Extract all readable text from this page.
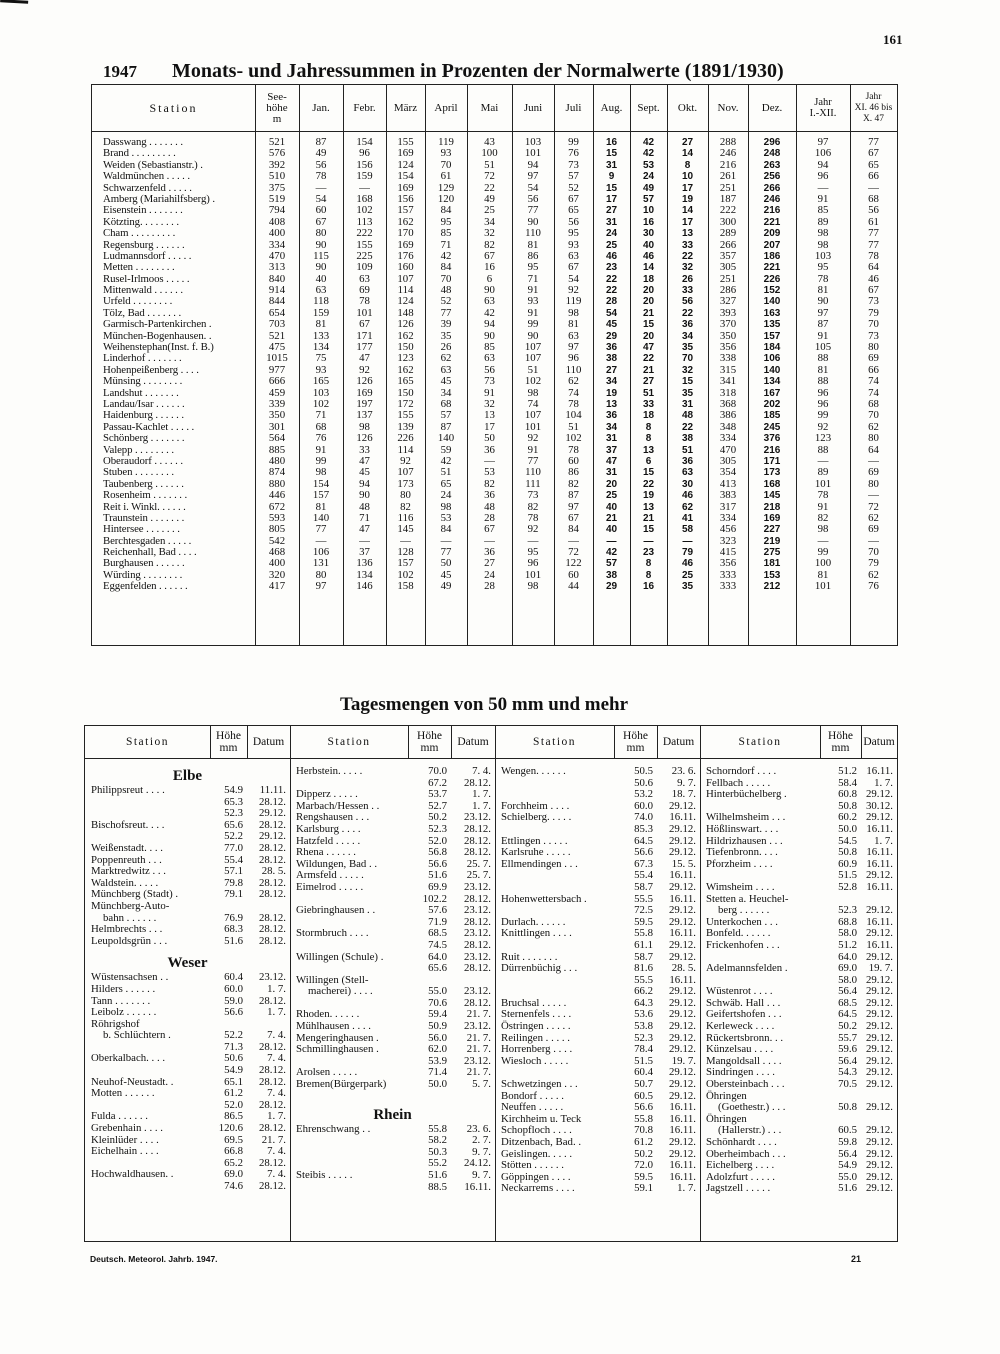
161
1947 Monats- und Jahressummen in Prozenten der Normalwerte (1891/1930)
Station
See-
höhe
m
Jan.	Febr.	März	April	Mai	Juni	Juli	Aug.	Sept.	Okt.	Nov.	Dez.	Jahr
I.-XII.
Jahr
XI. 46 bis
X. 47
Dasswang . . . . . . .	521	87	154	155	119	43	103	99	16	42	27	288	296	97	77
Brand . . . . . . . . .	576	49	96	169	93	100	101	76	15	42	14	246	248	106	67
Weiden (Sebastianstr.) .	392	56	156	124	70	51	94	73	31	53	8	216	263	94	65
Waldmünchen . . . . .	510	78	159	154	61	72	97	57	9	24	10	261	256	96	66
Schwarzenfeld . . . . .	375	—	—	169	129	22	54	52	15	49	17	251	266	—	—
Amberg (Mariahilfsberg) .	519	54	168	156	120	49	56	67	17	57	19	187	246	91	68
Eisenstein . . . . . . .	794	60	102	157	84	25	77	65	27	10	14	222	216	85	56
Kötzting. . . . . . . .	408	67	113	162	95	34	90	56	31	16	17	300	221	89	61
Cham . . . . . . . . .	400	80	222	170	85	32	110	95	24	30	13	289	209	98	77
Regensburg . . . . . .	334	90	155	169	71	82	81	93	25	40	33	266	207	98	77
Ludmannsdorf . . . . .	470	115	225	176	42	67	86	63	46	46	22	357	186	103	78
Metten . . . . . . . .	313	90	109	160	84	16	95	67	23	14	32	305	221	95	64
Rusel-Irlmoos . . . . .	840	40	63	107	70	6	71	54	22	18	26	251	226	78	46
Mittenwald . . . . . .	914	63	69	114	48	90	91	92	22	20	33	286	152	81	67
Urfeld . . . . . . . .	844	118	78	124	52	63	93	119	28	20	56	327	140	90	73
Tölz, Bad . . . . . . .	654	159	101	148	77	42	91	98	54	21	22	393	163	97	79
Garmisch-Partenkirchen .	703	81	67	126	39	94	99	81	45	15	36	370	135	87	70
München-Bogenhausen. .	521	133	171	162	35	90	90	63	29	20	34	350	157	91	73
Weihenstephan(Inst. f. B.)	475	134	177	150	26	85	107	97	36	47	35	356	184	105	80
Linderhof . . . . . . .	1015	75	47	123	62	63	107	96	38	22	70	338	106	88	69
Hohenpeißenberg . . . .	977	93	92	162	63	56	51	110	27	21	32	315	140	81	66
Münsing . . . . . . . .	666	165	126	165	45	73	102	62	34	27	15	341	134	88	74
Landshut . . . . . . .	459	103	169	150	34	91	98	74	19	51	35	318	167	96	74
Landau/Isar . . . . . .	339	102	197	172	68	32	74	78	13	33	31	368	202	96	68
Haidenburg . . . . . .	350	71	137	155	57	13	107	104	36	18	48	386	185	99	70
Passau-Kachlet . . . . .	301	68	98	139	87	17	101	51	34	8	22	348	245	92	62
Schönberg . . . . . . .	564	76	126	226	140	50	92	102	31	8	38	334	376	123	80
Valepp . . . . . . . .	885	91	33	114	59	36	91	78	37	13	51	470	216	88	64
Oberaudorf . . . . . .	480	99	47	92	42	—	77	60	47	6	36	305	171	—	—
Stuben . . . . . . . .	874	98	45	107	51	53	110	86	31	15	63	354	173	89	69
Taubenberg . . . . . .	880	154	94	173	65	82	111	82	20	22	30	413	168	101	80
Rosenheim . . . . . . .	446	157	90	80	24	36	73	87	25	19	46	383	145	78	—
Reit i. Winkl. . . . . .	672	81	48	82	98	48	82	97	40	13	62	317	218	91	72
Traunstein . . . . . . .	593	140	71	116	53	28	78	67	21	21	41	334	169	82	62
Hintersee . . . . . . .	805	77	47	145	84	67	92	84	40	15	58	456	227	98	69
Berchtesgaden . . . . .	542	—	—	—	—	—	—	—	—	—	—	323	219	—	—
Reichenhall, Bad . . . .	468	106	37	128	77	36	95	72	42	23	79	415	275	99	70
Burghausen . . . . . .	400	131	136	157	50	27	96	122	57	8	46	356	181	100	79
Würding . . . . . . . .	320	80	134	102	45	24	101	60	38	8	25	333	153	81	62
Eggenfelden . . . . . .	417	97	146	158	49	28	98	44	29	16	35	333	212	101	76
Tagesmengen von 50 mm und mehr
Station	Höhe
mm	Datum	Station	Höhe
mm	Datum	Station	Höhe
mm	Datum	Station	Höhe
mm	Datum
Elbe
Philippsreut . . . .	54.9	11.11.
65.3	28.12.
52.3	29.12.
Bischofsreut. . . .	65.6	28.12.
52.2	29.12.
Weißenstadt. . . .	77.0	28.12.
Poppenreuth . . .	55.4	28.12.
Marktredwitz . . .	57.1	28. 5.
Waldstein. . . . .	79.8	28.12.
Münchberg (Stadt) .	79.1	28.12.
Münchberg-Auto-
bahn . . . . . .	76.9	28.12.
Helmbrechts . . .	68.3	28.12.
Leupoldsgrün . . .	51.6	28.12.
Weser
Wüstensachsen . .	60.4	23.12.
Hilders . . . . . .	60.0	1. 7.
Tann . . . . . . .	59.0	28.12.
Leibolz . . . . . .	56.6	1. 7.
Röhrigshof
b. Schlüchtern .	52.2	7. 4.
71.3	28.12.
Oberkalbach. . . .	50.6	7. 4.
54.9	28.12.
Neuhof-Neustadt. .	65.1	28.12.
Motten . . . . . .	61.2	7. 4.
52.0	28.12.
Fulda . . . . . .	86.5	1. 7.
Grebenhain . . . .	120.6	28.12.
Kleinlüder . . . .	69.5	21. 7.
Eichelhain . . . .	66.8	7. 4.
65.2	28.12.
Hochwaldhausen. .	69.0	7. 4.
74.6	28.12.
Herbstein. . . . .	70.0	7. 4.
67.2	28.12.
Dipperz . . . . .	53.7	1. 7.
Marbach/Hessen . .	52.7	1. 7.
Rengshausen . . .	50.2	23.12.
Karlsburg . . . .	52.3	28.12.
Hatzfeld . . . . .	52.0	28.12.
Rhena . . . . . .	56.8	28.12.
Wildungen, Bad . .	56.6	25. 7.
Armsfeld . . . . .	51.6	25. 7.
Eimelrod . . . . .	69.9	23.12.
102.2	28.12.
Giebringhausen . .	57.6	23.12.
71.9	28.12.
Stormbruch . . . .	68.5	23.12.
74.5	28.12.
Willingen (Schule) .	64.0	23.12.
65.6	28.12.
Willingen (Stell-
macherei) . . . .	55.0	23.12.
70.6	28.12.
Rhoden. . . . . .	59.4	21. 7.
Mühlhausen . . . .	50.9	23.12.
Mengeringhausen .	56.0	21. 7.
Schmillinghausen .	62.0	21. 7.
53.9	23.12.
Arolsen . . . . .	71.4	21. 7.
Bremen(Bürgerpark)	50.0	5. 7.
Rhein
Ehrenschwang . .	55.8	23. 6.
58.2	2. 7.
50.3	9. 7.
55.2	24.12.
Steibis . . . . .	51.6	9. 7.
88.5	16.11.
Wengen. . . . . .	50.5	23. 6.
50.6	9. 7.
53.2	18. 7.
Forchheim . . . .	60.0	29.12.
Schielberg. . . . .	74.0	16.11.
85.3	29.12.
Ettlingen . . . . .	64.5	29.12.
Karlsruhe . . . . .	56.6	29.12.
Ellmendingen . . .	67.3	15. 5.
55.4	16.11.
58.7	29.12.
Hohenwettersbach .	55.5	16.11.
72.5	29.12.
Durlach. . . . . .	59.5	29.12.
Knittlingen . . . .	55.8	16.11.
61.1	29.12.
Ruit . . . . . . .	58.7	29.12.
Dürrenbüchig . . .	81.6	28. 5.
55.5	16.11.
66.2	29.12.
Bruchsal . . . . .	64.3	29.12.
Sternenfels . . . .	53.6	29.12.
Östringen . . . . .	53.8	29.12.
Reilingen . . . . .	52.3	29.12.
Horrenberg . . . .	78.4	29.12.
Wiesloch . . . . .	51.5	19. 7.
60.4	29.12.
Schwetzingen . . .	50.7	29.12.
Bondorf . . . . .	60.5	29.12.
Neuffen . . . . .	56.6	16.11.
Kirchheim u. Teck	55.8	16.11.
Schopfloch . . . .	70.8	16.11.
Ditzenbach, Bad. .	61.2	29.12.
Geislingen. . . . .	50.2	29.12.
Stötten . . . . . .	72.0	16.11.
Göppingen . . . .	59.5	16.11.
Neckarrems . . . .	59.1	1. 7.
Schorndorf . . . .	51.2 16.11.
Fellbach . . . . .	58.4	1. 7.
Hinterbüchelberg .	60.8 29.12.
50.8 30.12.
Wilhelmsheim . . .	60.2 29.12.
Hößlinswart. . . .	50.0 16.11.
Hildrizhausen . . .	54.5	1. 7.
Tiefenbronn. . . .	50.8 16.11.
Pforzheim . . . .	60.9 16.11.
51.5 29.12.
Wimsheim . . . .	52.8 16.11.
Stetten a. Heuchel-
berg . . . . . .	52.3 29.12.
Unterkochen . . .	68.8 16.11.
Bonfeld. . . . . .	58.0 29.12.
Frickenhofen . . .	51.2 16.11.
64.0 29.12.
Adelmannsfelden .	69.0	19. 7.
58.0 29.12.
Wüstenrot . . . .	56.4 29.12.
Schwäb. Hall . . .	68.5 29.12.
Geifertshofen . . .	64.5 29.12.
Kerleweck . . . .	50.2 29.12.
Rückertsbronn. . .	55.7 29.12.
Künzelsau . . . .	59.6 29.12.
Mangoldsall . . . .	56.4 29.12.
Sindringen . . . .	54.3 29.12.
Obersteinbach . . .	70.5 29.12.
Öhringen
(Goethestr.) . . .	50.8 29.12.
Öhringen
(Hallerstr.) . . .	60.5 29.12.
Schönhardt . . . .	59.8 29.12.
Oberheimbach . . .	56.4 29.12.
Eichelberg . . . .	54.9 29.12.
Adolzfurt . . . . .	55.0 29.12.
Jagstzell . . . . .	51.6 29.12.
Deutsch. Meteorol. Jahrb. 1947.	21
